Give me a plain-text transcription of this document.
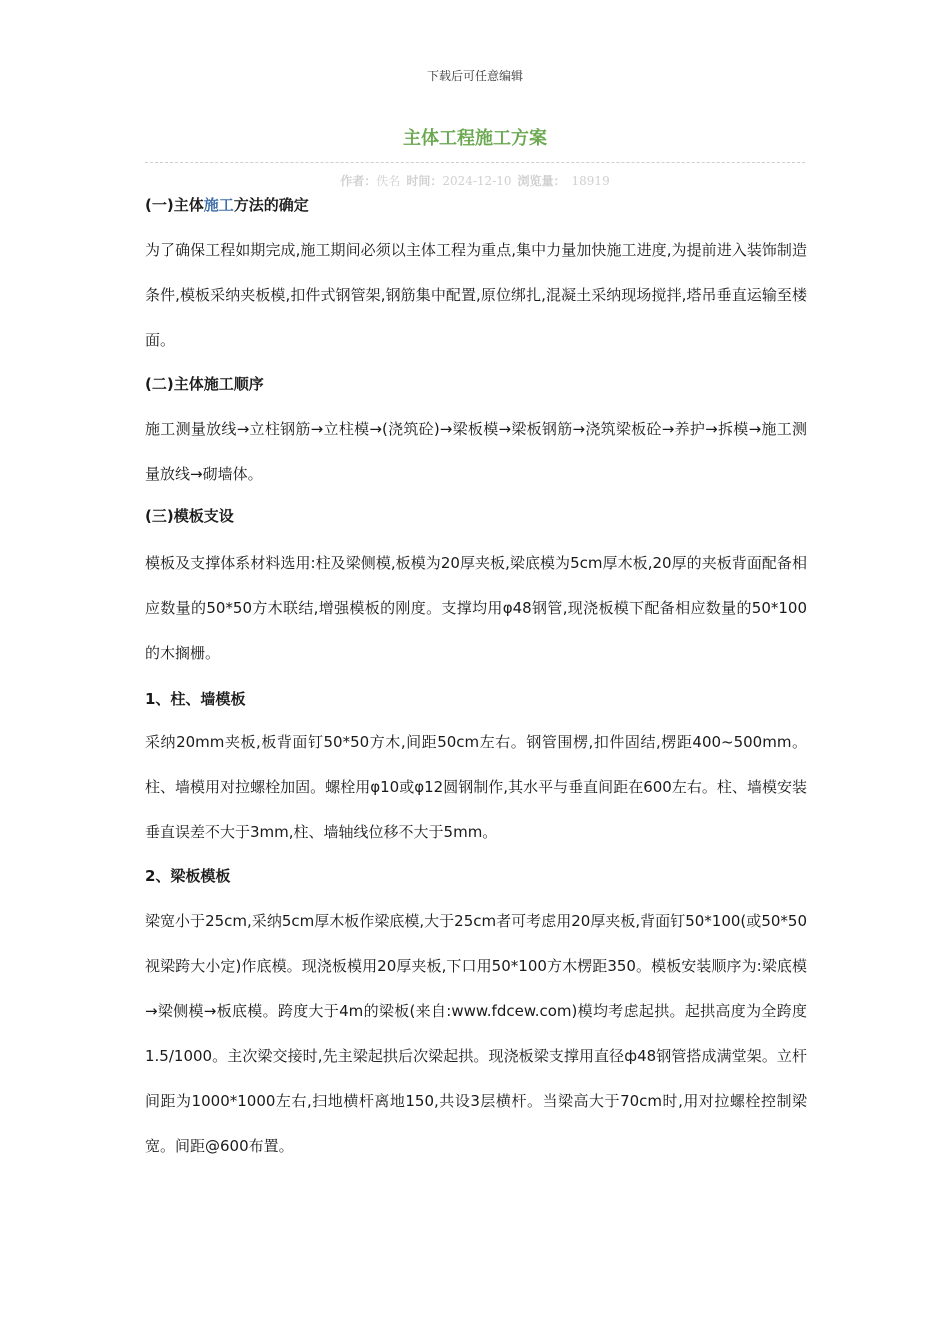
下载后可任意编辑
主体工程施工方案
作者：佚名 时间：2024-12-10 浏览量： 18919
(一)主体施工方法的确定

为了确保工程如期完成,施工期间必须以主体工程为重点,集中力量加快施工进度,为提前进入装饰制造条件,模板采纳夹板模,扣件式钢管架,钢筋集中配置,原位绑扎,混凝土采纳现场搅拌,塔吊垂直运输至楼面。

(二)主体施工顺序

施工测量放线→立柱钢筋→立柱模→(浇筑砼)→梁板模→梁板钢筋→浇筑梁板砼→养护→拆模→施工测量放线→砌墙体。

(三)模板支设

模板及支撑体系材料选用:柱及梁侧模,板模为20厚夹板,梁底模为5cm厚木板,20厚的夹板背面配备相应数量的50*50方木联结,增强模板的刚度。支撑均用φ48钢管,现浇板模下配备相应数量的50*100的木搁栅。

1、柱、墙模板

采纳20mm夹板,板背面钉50*50方木,间距50cm左右。钢管围楞,扣件固结,楞距400~500mm。柱、墙模用对拉螺栓加固。螺栓用φ10或φ12圆钢制作,其水平与垂直间距在600左右。柱、墙模安装垂直误差不大于3mm,柱、墙轴线位移不大于5mm。

2、梁板模板

梁宽小于25cm,采纳5cm厚木板作梁底模,大于25cm者可考虑用20厚夹板,背面钉50*100(或50*50视梁跨大小定)作底模。现浇板模用20厚夹板,下口用50*100方木楞距350。模板安装顺序为:梁底模→梁侧模→板底模。跨度大于4m的梁板(来自:www.fdcew.com)模均考虑起拱。起拱高度为全跨度1.5/1000。主次梁交接时,先主梁起拱后次梁起拱。现浇板梁支撑用直径ф48钢管搭成满堂架。立杆间距为1000*1000左右,扫地横杆离地150,共设3层横杆。当梁高大于70cm时,用对拉螺栓控制梁宽。间距@600布置。
